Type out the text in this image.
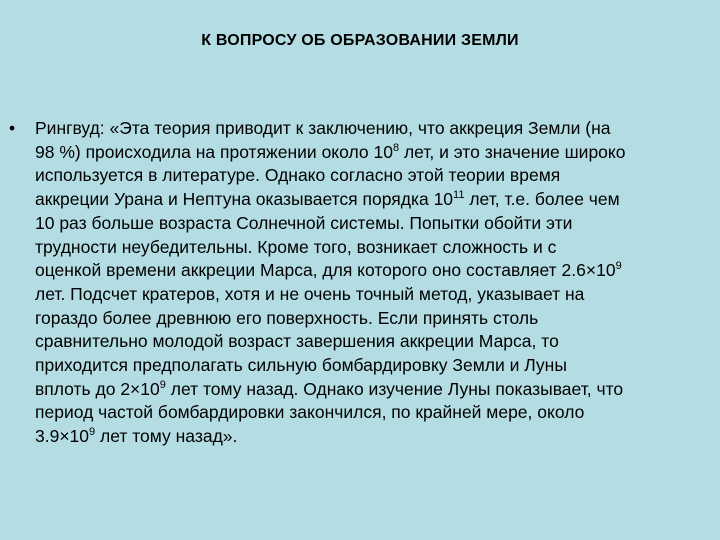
К ВОПРОСУ ОБ ОБРАЗОВАНИИ ЗЕМЛИ
• Рингвуд: «Эта теория приводит к заключению, что аккреция Земли (на
98 %) происходила на протяжении около $10^8$ лет, и это значение широко
используется в литературе. Однако согласно этой теории время
аккреции Урана и Нептуна оказывается порядка $10^{11}$ лет, т.е. более чем
10 раз больше возраста Солнечной системы. Попытки обойти эти
трудности неубедительны. Кроме того, возникает сложность и с
оценкой времени аккреции Марса, для которого оно составляет $2.6\times 10^9$
лет. Подсчет кратеров, хотя и не очень точный метод, указывает на
гораздо более древнюю его поверхность. Если принять столь
сравнительно молодой возраст завершения аккреции Марса, то
приходится предполагать сильную бомбардировку Земли и Луны
вплоть до $2\times 10^9$ лет тому назад. Однако изучение Луны показывает, что
период частой бомбардировки закончился, по крайней мере, около
$3.9\times 10^9$ лет тому назад».
